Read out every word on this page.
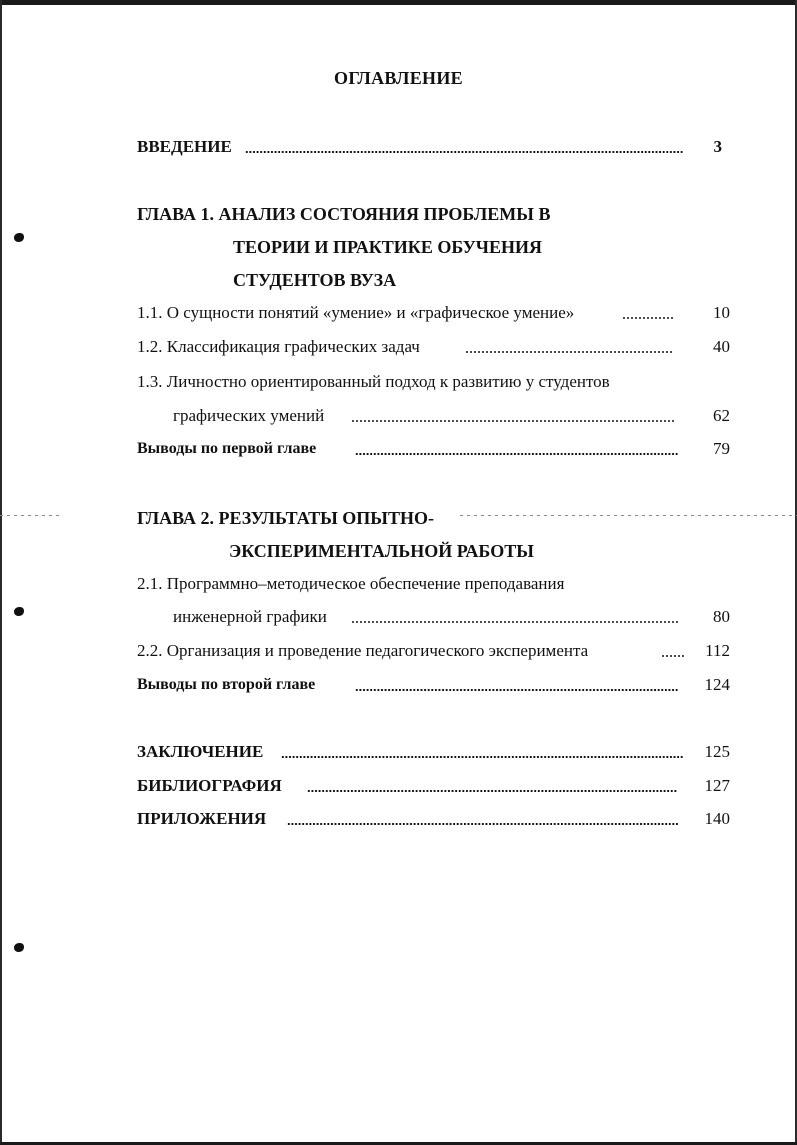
ОГЛАВЛЕНИЕ
ВВЕДЕНИЕ	3
ГЛАВА 1. АНАЛИЗ СОСТОЯНИЯ ПРОБЛЕМЫ В
ТЕОРИИ И ПРАКТИКЕ ОБУЧЕНИЯ
СТУДЕНТОВ ВУЗА
1.1. О сущности понятий «умение» и «графическое умение»	10
1.2. Классификация графических задач	40
1.3. Личностно ориентированный подход к развитию у студентов
графических умений	62
Выводы по первой главе	79
ГЛАВА 2. РЕЗУЛЬТАТЫ ОПЫТНО-
ЭКСПЕРИМЕНТАЛЬНОЙ РАБОТЫ
2.1. Программно–методическое обеспечение преподавания
инженерной графики	80
2.2. Организация и проведение педагогического эксперимента	112
Выводы по второй главе	124
ЗАКЛЮЧЕНИЕ	125
БИБЛИОГРАФИЯ	127
ПРИЛОЖЕНИЯ	140
